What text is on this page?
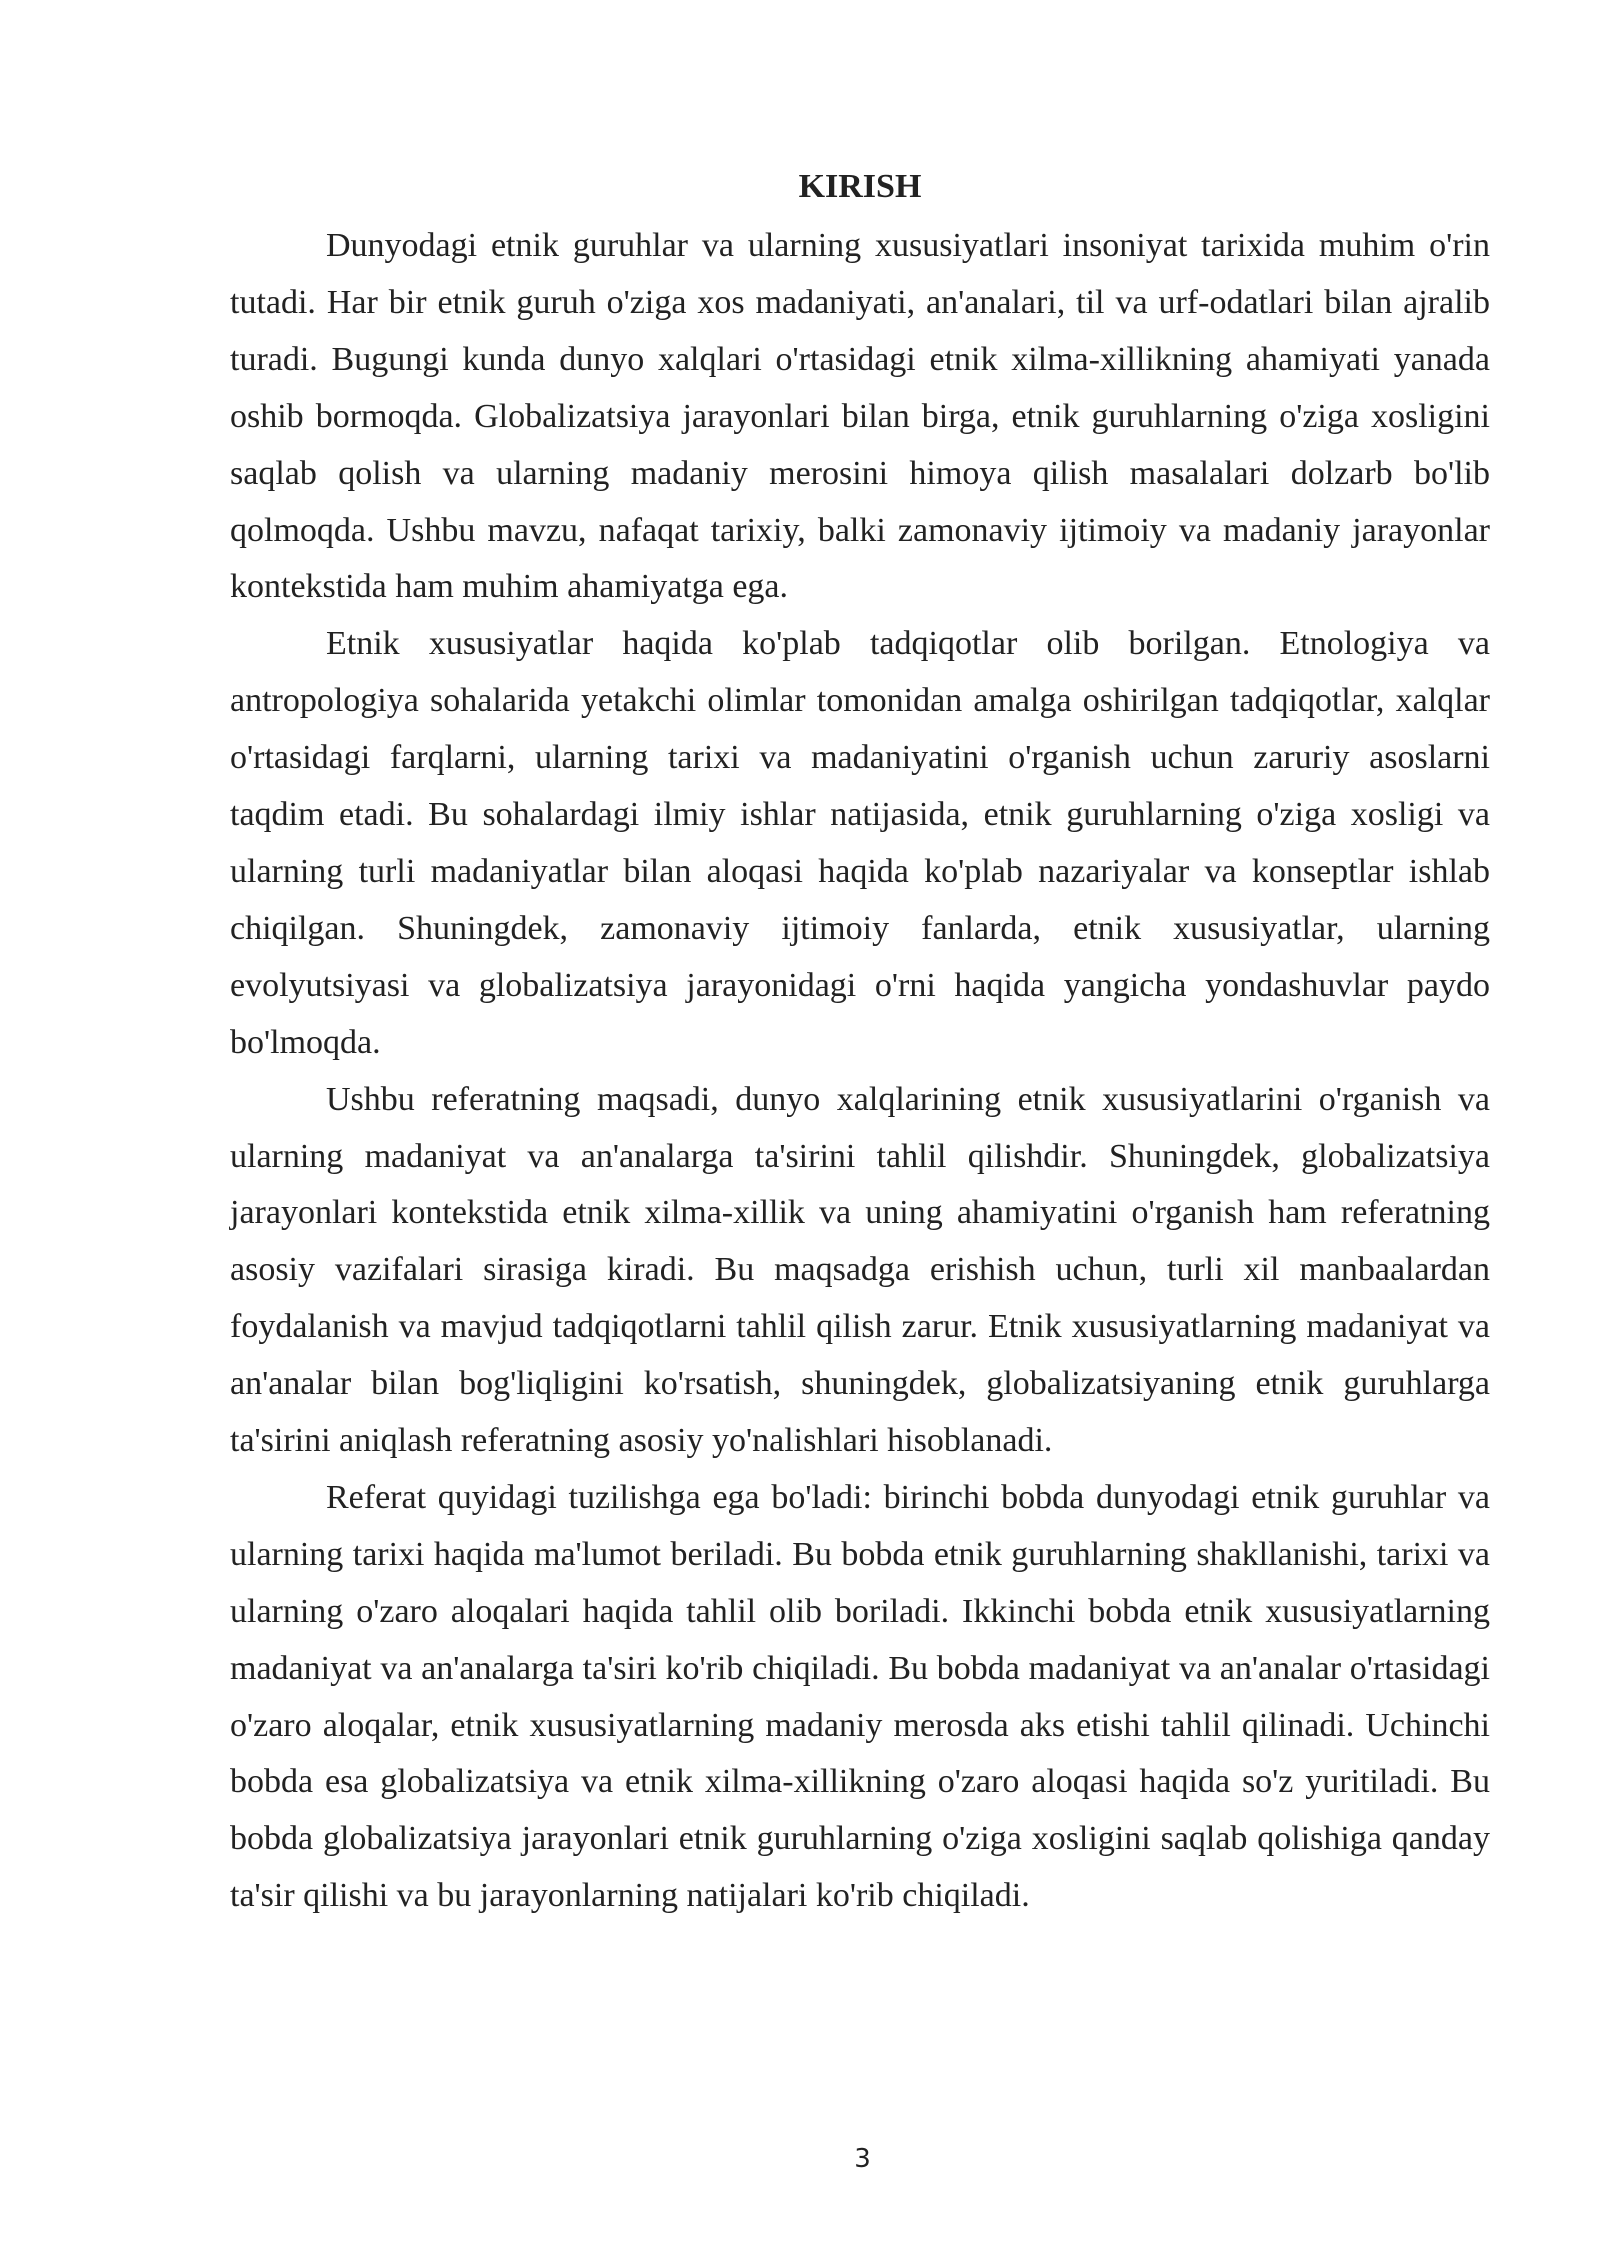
KIRISH

Dunyodagi etnik guruhlar va ularning xususiyatlari insoniyat tarixida muhim o'rin tutadi. Har bir etnik guruh o'ziga xos madaniyati, an'analari, til va urf-odatlari bilan ajralib turadi. Bugungi kunda dunyo xalqlari o'rtasidagi etnik xilma-xillikning ahamiyati yanada oshib bormoqda. Globalizatsiya jarayonlari bilan birga, etnik guruhlarning o'ziga xosligini saqlab qolish va ularning madaniy merosini himoya qilish masalalari dolzarb bo'lib qolmoqda. Ushbu mavzu, nafaqat tarixiy, balki zamonaviy ijtimoiy va madaniy jarayonlar kontekstida ham muhim ahamiyatga ega.

Etnik xususiyatlar haqida ko'plab tadqiqotlar olib borilgan. Etnologiya va antropologiya sohalarida yetakchi olimlar tomonidan amalga oshirilgan tadqiqotlar, xalqlar o'rtasidagi farqlarni, ularning tarixi va madaniyatini o'rganish uchun zaruriy asoslarni taqdim etadi. Bu sohalardagi ilmiy ishlar natijasida, etnik guruhlarning o'ziga xosligi va ularning turli madaniyatlar bilan aloqasi haqida ko'plab nazariyalar va konseptlar ishlab chiqilgan. Shuningdek, zamonaviy ijtimoiy fanlarda, etnik xususiyatlar, ularning evolyutsiyasi va globalizatsiya jarayonidagi o'rni haqida yangicha yondashuvlar paydo bo'lmoqda.

Ushbu referatning maqsadi, dunyo xalqlarining etnik xususiyatlarini o'rganish va ularning madaniyat va an'analarga ta'sirini tahlil qilishdir. Shuningdek, globalizatsiya jarayonlari kontekstida etnik xilma-xillik va uning ahamiyatini o'rganish ham referatning asosiy vazifalari sirasiga kiradi. Bu maqsadga erishish uchun, turli xil manbaalardan foydalanish va mavjud tadqiqotlarni tahlil qilish zarur. Etnik xususiyatlarning madaniyat va an'analar bilan bog'liqligini ko'rsatish, shuningdek, globalizatsiyaning etnik guruhlarga ta'sirini aniqlash referatning asosiy yo'nalishlari hisoblanadi.

Referat quyidagi tuzilishga ega bo'ladi: birinchi bobda dunyodagi etnik guruhlar va ularning tarixi haqida ma'lumot beriladi. Bu bobda etnik guruhlarning shakllanishi, tarixi va ularning o'zaro aloqalari haqida tahlil olib boriladi. Ikkinchi bobda etnik xususiyatlarning madaniyat va an'analarga ta'siri ko'rib chiqiladi. Bu bobda madaniyat va an'analar o'rtasidagi o'zaro aloqalar, etnik xususiyatlarning madaniy merosda aks etishi tahlil qilinadi. Uchinchi bobda esa globalizatsiya va etnik xilma-xillikning o'zaro aloqasi haqida so'z yuritiladi. Bu bobda globalizatsiya jarayonlari etnik guruhlarning o'ziga xosligini saqlab qolishiga qanday ta'sir qilishi va bu jarayonlarning natijalari ko'rib chiqiladi.

3
